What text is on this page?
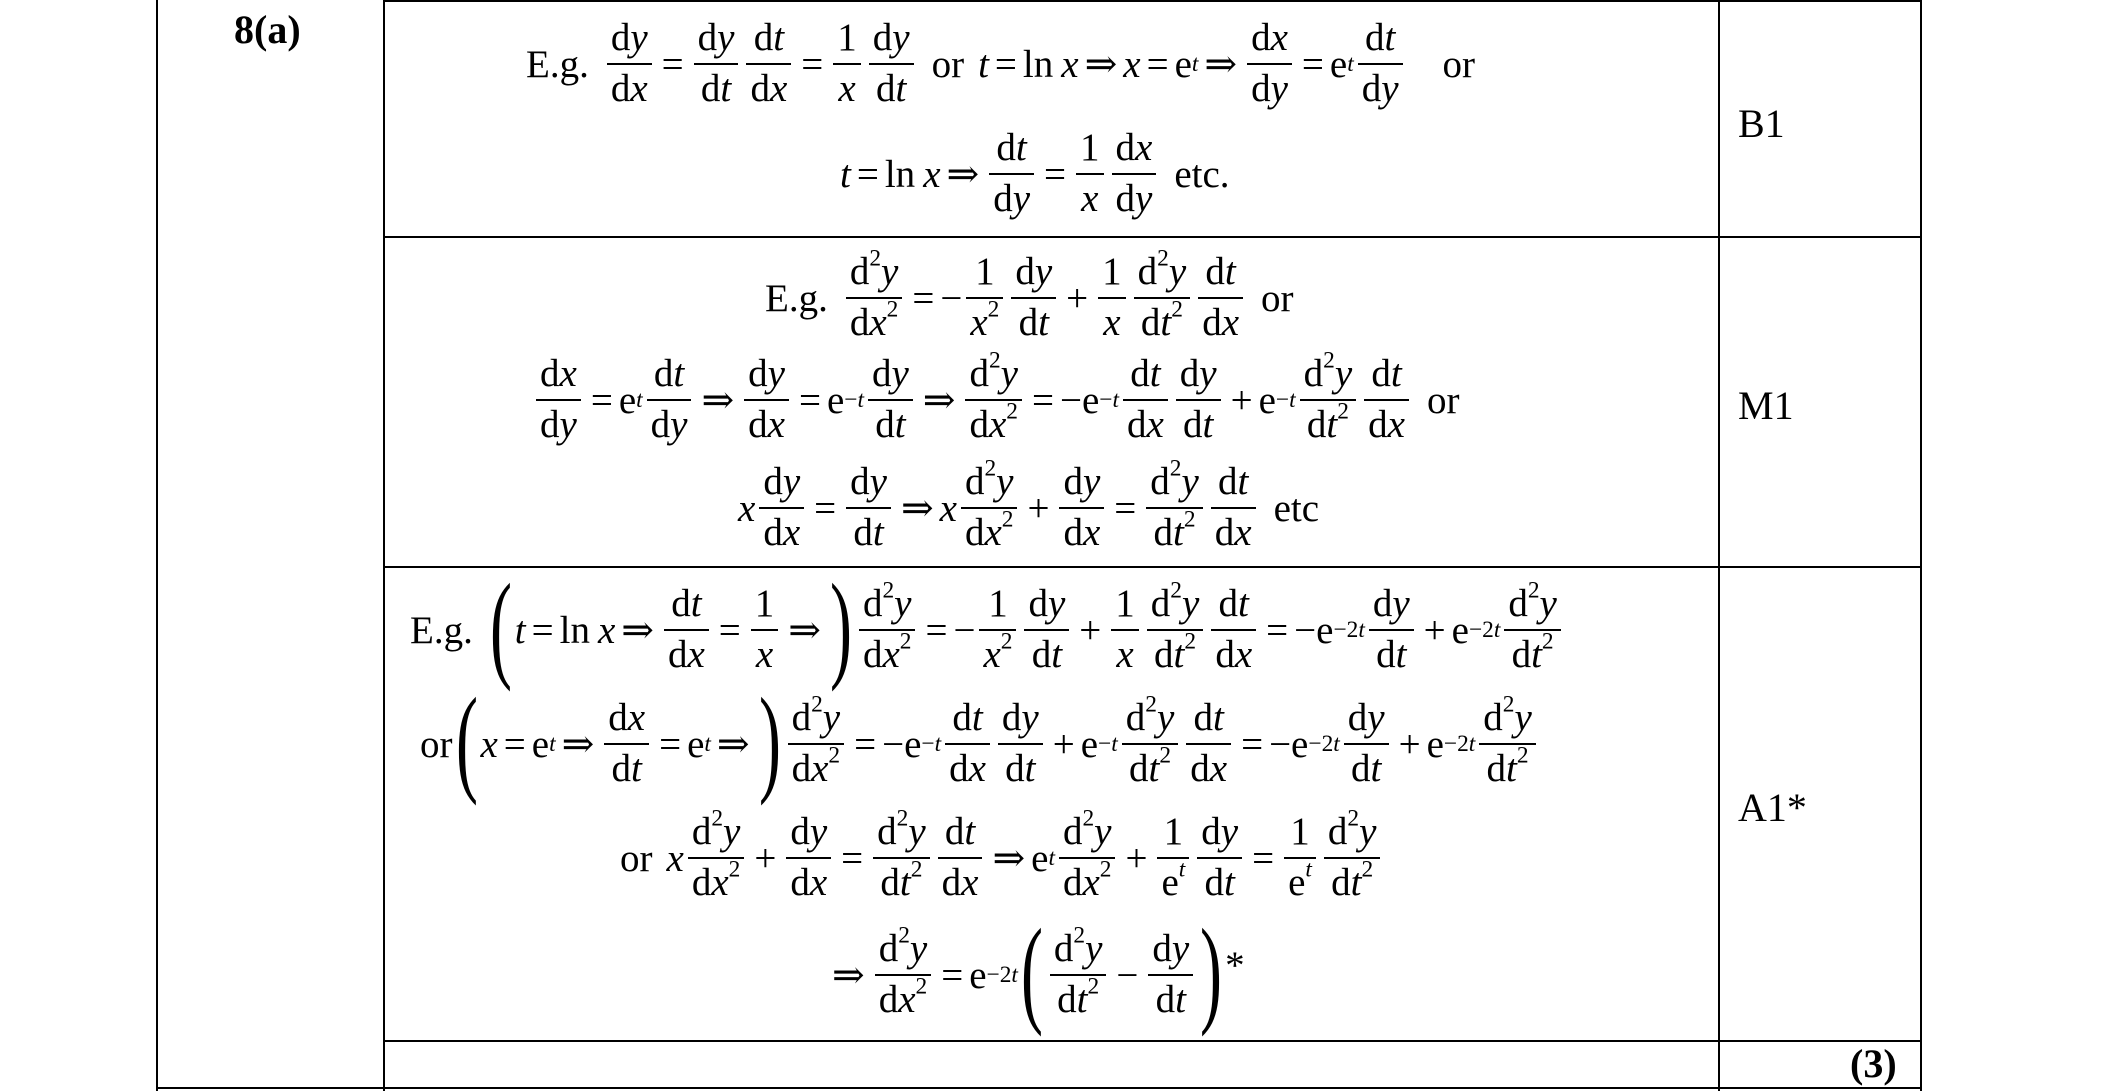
8(a)
B1
M1
A1*
(3)
E.g. $\frac{dy}{dx} = \frac{dy}{dt} \frac{dt}{dx} = \frac{1}{x} \frac{dy}{dt}$ or t = ln x ⇒ x = e t ⇒ $\frac{dx}{dy} = e$ t $\frac{dt}{dy}$ or
t = ln x ⇒ $\frac{dt}{dy} = \frac{1}{x} \frac{dx}{dy}$ etc.
E.g. $\frac{d^2y}{dx^2}$ = − $\frac{1}{x^2} \frac{dy}{dt} + \frac{1}{x} \frac{d^2y}{dt^2} \frac{dt}{dx}$ or
$\frac{dx}{dy} = e$ t $\frac{dt}{dy}$ ⇒ $\frac{dy}{dx} = e -t \frac{dy}{dt}$ ⇒ $\frac{d^2y}{dx^2} = -e -t \frac{dt}{dx} \frac{dy}{dt} + e -t \frac{d^2y}{dt^2} \frac{dt}{dx}$ or
x $\frac{dy}{dx} = \frac{dy}{dt}$ ⇒ x $\frac{d^2y}{dx^2} + \frac{dy}{dx} = \frac{d^2y}{dt^2} \frac{dt}{dx}$ etc
E.g. ( t = ln x ⇒ $\frac{dt}{dx} = \frac{1}{x}$ ⇒ ) $\frac{d^2y}{dx^2}$ = − $\frac{1}{x^2} \frac{dy}{dt} + \frac{1}{x} \frac{d^2y}{dt^2} \frac{dt}{dx} = -e -2t \frac{dy}{dt} + e -2t \frac{d^2y}{dt^2}$
or ( x = e t ⇒ $\frac{dx}{dt} = e$ t ⇒ ) $\frac{d^2y}{dx^2} = -e -t \frac{dt}{dx} \frac{dy}{dt} + e -t \frac{d^2y}{dt^2} \frac{dt}{dx} = -e -2t \frac{dy}{dt} + e -2t \frac{d^2y}{dt^2}$
or x $\frac{d^2y}{dx^2} + \frac{dy}{dx} = \frac{d^2y}{dt^2} \frac{dt}{dx}$ ⇒ e t $\frac{d^2y}{dx^2} + \frac{1}{e^t} \frac{dy}{dt} = \frac{1}{e^t} \frac{d^2y}{dt^2}$
⇒ $\frac{d^2y}{dx^2} = e -2t$ ( $\frac{d^2y}{dt^2} - \frac{dy}{dt}$ ) *
